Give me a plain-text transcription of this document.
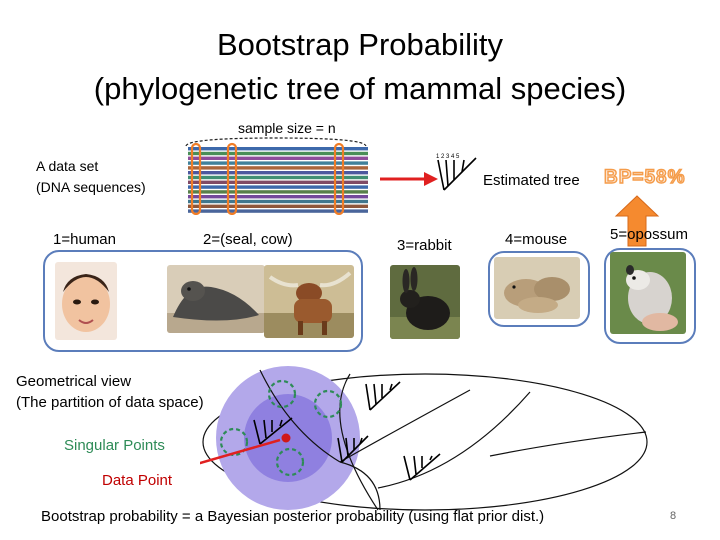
Bootstrap Probability
(phylogenetic tree of mammal species)
sample size = n
A data set
(DNA sequences)
1 2 3 4 5
Estimated tree BP=58%
1=human	2=(seal, cow)	3=rabbit	4=mouse	5=opossum
Geometrical view
(The partition of data space)
Singular Points
Data Point
Bootstrap probability = a Bayesian posterior probability (using flat prior dist.)	8
